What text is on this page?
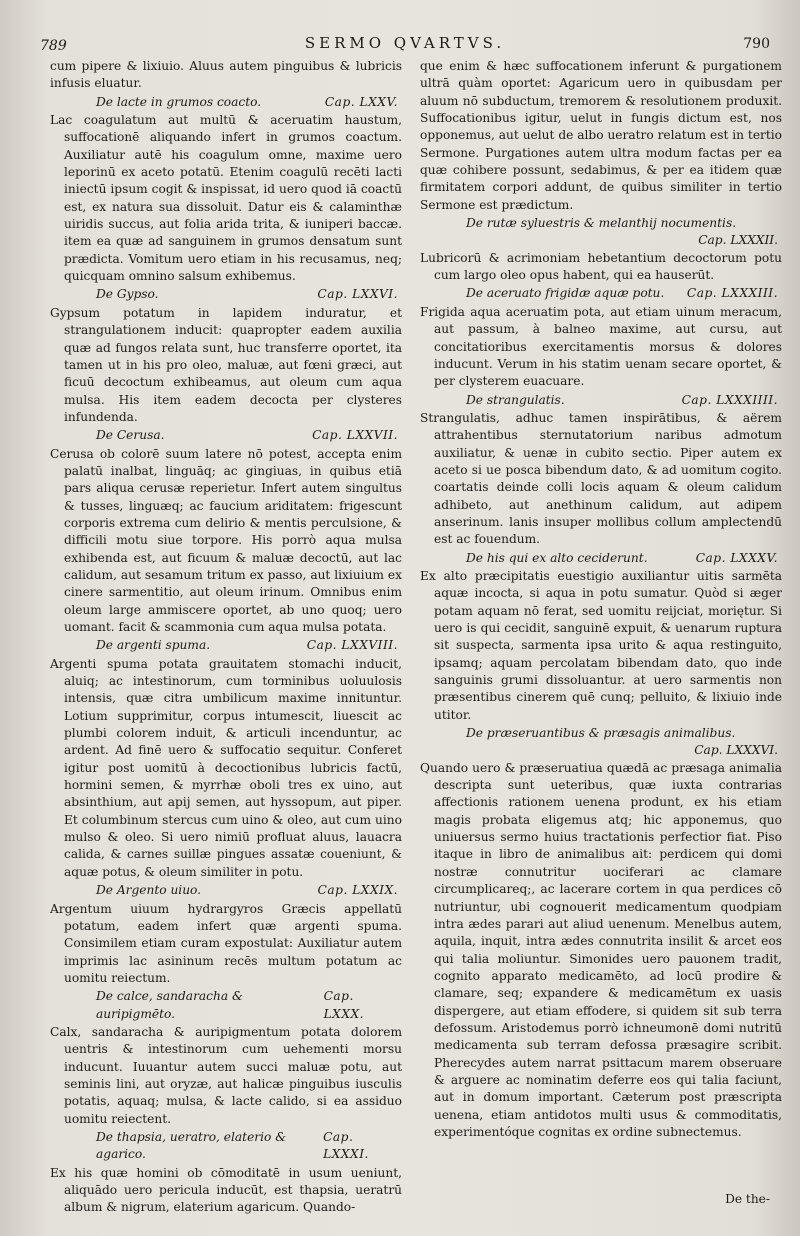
789	SERMO QVARTVS.	790

cum pipere & lixiuio. Aluus autem pinguibus & lubricis infusis eluatur.

De lacte in grumos coacto.	Cap. LXXV.

Lac coagulatum aut multū & aceruatim haustum, suffocationē aliquando infert in grumos coactum. Auxiliatur autē his coagulum omne, maxime uero leporinū ex aceto potatū. Etenim coagulū recēti lacti iniectū ipsum cogit & inspissat, id uero quod iā coactū est, ex natura sua dissoluit. Datur eis & calaminthæ uiridis succus, aut folia arida trita, & iuniperi baccæ. item ea quæ ad sanguinem in grumos densatum sunt prædicta. Vomitum uero etiam in his recusamus, neq; quicquam omnino salsum exhibemus.

De Gypso.	Cap. LXXVI.

Gypsum potatum in lapidem induratur, et strangulationem inducit: quapropter eadem auxilia quæ ad fungos relata sunt, huc transferre oportet, ita tamen ut in his pro oleo, maluæ, aut fœni græci, aut ficuū decoctum exhibeamus, aut oleum cum aqua mulsa. His item eadem decocta per clysteres infundenda.

De Cerusa.	Cap. LXXVII.

Cerusa ob colorē suum latere nō potest, accepta enim palatū inalbat, linguāq; ac gingiuas, in quibus etiā pars aliqua cerusæ reperietur. Infert autem singultus & tusses, linguæq; ac faucium ariditatem: frigescunt corporis extrema cum delirio & mentis perculsione, & difficili motu siue torpore. His porrò aqua mulsa exhibenda est, aut ficuum & maluæ decoctū, aut lac calidum, aut sesamum tritum ex passo, aut lixiuium ex cinere sarmentitio, aut oleum irinum. Omnibus enim oleum large ammiscere oportet, ab uno quoq; uero uomant. facit & scammonia cum aqua mulsa potata.

De argenti spuma.	Cap. LXXVIII.

Argenti spuma potata grauitatem stomachi inducit, aluiq; ac intestinorum, cum torminibus uoluulosis intensis, quæ citra umbilicum maxime innituntur. Lotium supprimitur, corpus intumescit, liuescit ac plumbi colorem induit, & articuli incenduntur, ac ardent. Ad finē uero & suffocatio sequitur. Conferet igitur post uomitū à decoctionibus lubricis factū, hormini semen, & myrrhæ oboli tres ex uino, aut absinthium, aut apij semen, aut hyssopum, aut piper. Et columbinum stercus cum uino & oleo, aut cum uino mulso & oleo. Si uero nimiū profluat aluus, lauacra calida, & carnes suillæ pingues assatæ coueniunt, & aquæ potus, & oleum similiter in potu.

De Argento uiuo.	Cap. LXXIX.

Argentum uiuum hydrargyros Græcis appellatū potatum, eadem infert quæ argenti spuma. Consimilem etiam curam expostulat: Auxiliatur autem imprimis lac asininum recēs multum potatum ac uomitu reiectum.

De calce, sandaracha & auripigmēto.
Cap. LXXX.

Calx, sandaracha & auripigmentum potata dolorem uentris & intestinorum cum uehementi morsu inducunt. Iuuantur autem succi maluæ potu, aut seminis lini, aut oryzæ, aut halicæ pinguibus iusculis potatis, aquaq; mulsa, & lacte calido, si ea assiduo uomitu reiectent.

De thapsia, ueratro, elaterio & agarico.
Cap. LXXXI.

Ex his quæ homini ob cōmoditatē in usum ueniunt, aliquādo uero pericula inducūt, est thapsia, ueratrū album & nigrum, elaterium agaricum. Quando-

que enim & hæc suffocationem inferunt & purgationem ultrā quàm oportet: Agaricum uero in quibusdam per aluum nō subductum, tremorem & resolutionem produxit. Suffocationibus igitur, uelut in fungis dictum est, nos opponemus, aut uelut de albo ueratro relatum est in tertio Sermone. Purgationes autem ultra modum factas per ea quæ cohibere possunt, sedabimus, & per ea itidem quæ firmitatem corpori addunt, de quibus similiter in tertio Sermone est prædictum.

De rutæ syluestris & melanthij nocumentis.
Cap. LXXXII.

Lubricorū & acrimoniam hebetantium decoctorum potu cum largo oleo opus habent, qui ea hauserūt.

De aceruato frigidæ aquæ potu. Cap. LXXXIII.

Frigida aqua aceruatim pota, aut etiam uinum meracum, aut passum, à balneo maxime, aut cursu, aut concitatioribus exercitamentis morsus & dolores inducunt. Verum in his statim uenam secare oportet, & per clysterem euacuare.

De strangulatis.	Cap. LXXXIIII.

Strangulatis, adhuc tamen inspirātibus, & aërem attrahentibus sternutatorium naribus admotum auxiliatur, & uenæ in cubito sectio. Piper autem ex aceto si ue posca bibendum dato, & ad uomitum cogito. coartatis deinde colli locis aquam & oleum calidum adhibeto, aut anethinum calidum, aut adipem anserinum. lanis insuper mollibus collum amplectendū est ac fouendum.

De his qui ex alto ceciderunt.	Cap. LXXXV.

Ex alto præcipitatis euestigio auxiliantur uitis sarmēta aquæ incocta, si aqua in potu sumatur. Quòd si æger potam aquam nō ferat, sed uomitu reijciat, moriętur. Si uero is qui cecidit, sanguinē expuit, & uenarum ruptura sit suspecta, sarmenta ipsa urito & aqua restinguito, ipsamq; aquam percolatam bibendam dato, quo inde sanguinis grumi dissoluantur. at uero sarmentis non præsentibus cinerem quē cunq; pelluito, & lixiuio inde utitor.

De præseruantibus & præsagis animalibus.
Cap. LXXXVI.

Quando uero & præseruatiua quædā ac præsaga animalia descripta sunt ueteribus, quæ iuxta contrarias affectionis rationem uenena produnt, ex his etiam magis probata eligemus atq; hic apponemus, quo uniuersus sermo huius tractationis perfectior fiat. Piso itaque in libro de animalibus ait: perdicem qui domi nostræ connutritur uociferari ac clamare circumplicareq;, ac lacerare cortem in qua perdices cō nutriuntur, ubi cognouerit medicamentum quodpiam intra ædes parari aut aliud uenenum. Menelbus autem, aquila, inquit, intra ædes connutrita insilit & arcet eos qui talia moliuntur. Simonides uero pauonem tradit, cognito apparato medicamēto, ad locū prodire & clamare, seq; expandere & medicamētum ex uasis dispergere, aut etiam effodere, si quidem sit sub terra defossum. Aristodemus porrò ichneumonē domi nutritū medicamenta sub terram defossa præsagire scribit. Pherecydes autem narrat psittacum marem obseruare & arguere ac nominatim deferre eos qui talia faciunt, aut in domum important. Cæterum post præscripta uenena, etiam antidotos multi usus & commoditatis, experimentóque cognitas ex ordine subnectemus.

De the-
